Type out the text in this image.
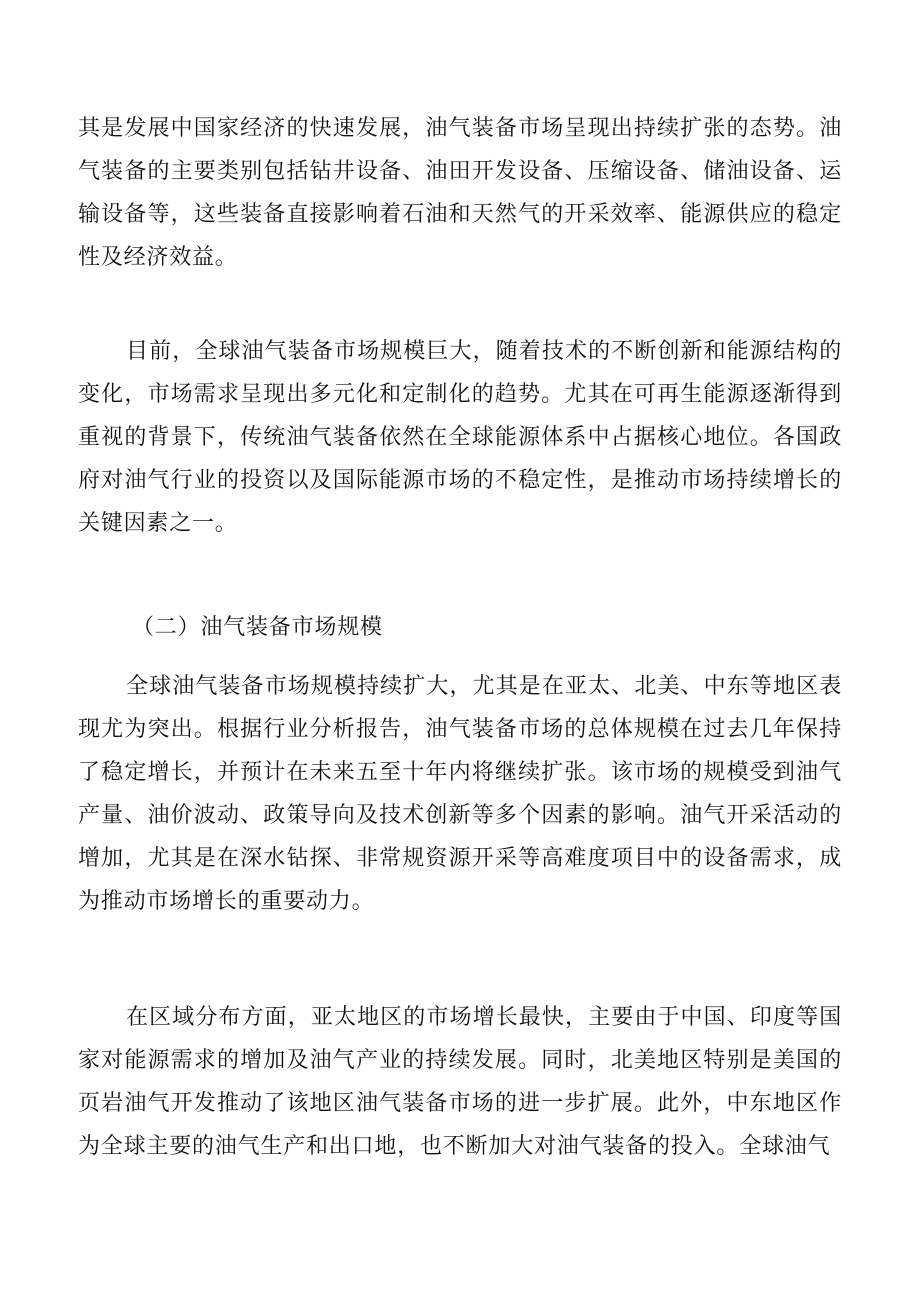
其是发展中国家经济的快速发展，油气装备市场呈现出持续扩张的态势。油气装备的主要类别包括钻井设备、油田开发设备、压缩设备、储油设备、运输设备等，这些装备直接影响着石油和天然气的开采效率、能源供应的稳定性及经济效益。

目前，全球油气装备市场规模巨大，随着技术的不断创新和能源结构的变化，市场需求呈现出多元化和定制化的趋势。尤其在可再生能源逐渐得到重视的背景下，传统油气装备依然在全球能源体系中占据核心地位。各国政府对油气行业的投资以及国际能源市场的不稳定性，是推动市场持续增长的关键因素之一。

（二）油气装备市场规模

全球油气装备市场规模持续扩大，尤其是在亚太、北美、中东等地区表现尤为突出。根据行业分析报告，油气装备市场的总体规模在过去几年保持了稳定增长，并预计在未来五至十年内将继续扩张。该市场的规模受到油气产量、油价波动、政策导向及技术创新等多个因素的影响。油气开采活动的增加，尤其是在深水钻探、非常规资源开采等高难度项目中的设备需求，成为推动市场增长的重要动力。

在区域分布方面，亚太地区的市场增长最快，主要由于中国、印度等国家对能源需求的增加及油气产业的持续发展。同时，北美地区特别是美国的页岩油气开发推动了该地区油气装备市场的进一步扩展。此外，中东地区作为全球主要的油气生产和出口地，也不断加大对油气装备的投入。全球油气
